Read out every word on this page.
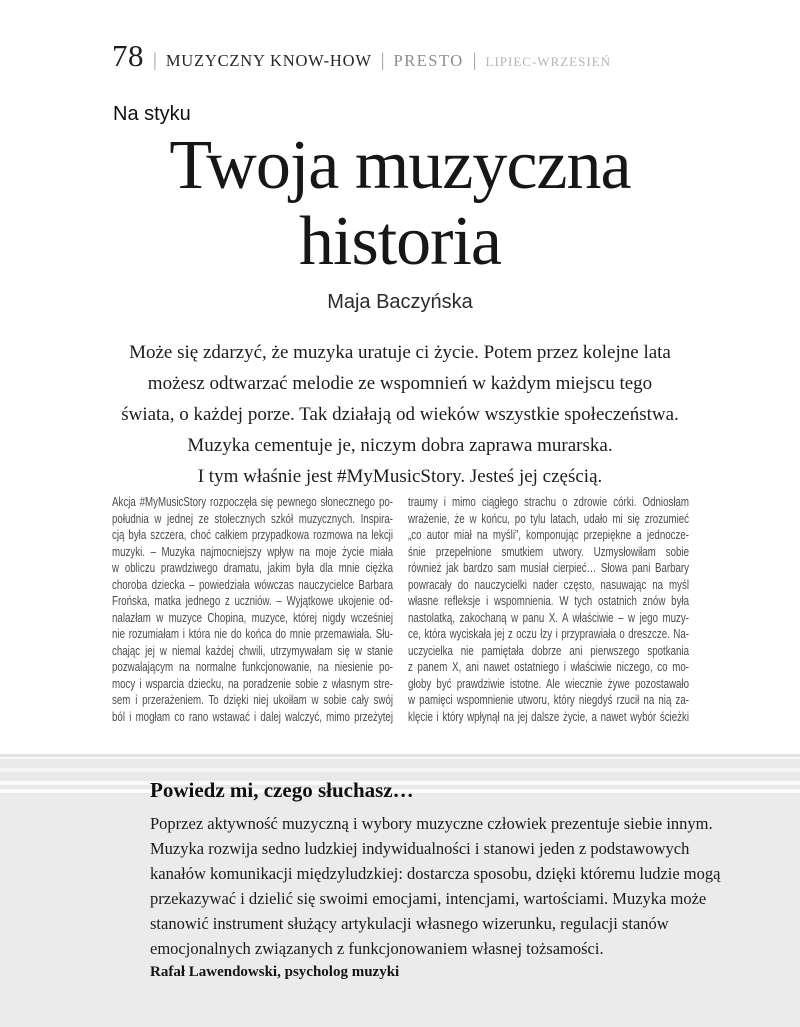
78 | MUZYCZNY KNOW-HOW | PRESTO | LIPIEC-WRZESIEŃ
Na styku
Twoja muzyczna
historia
Maja Baczyńska
Może się zdarzyć, że muzyka uratuje ci życie. Potem przez kolejne lata
możesz odtwarzać melodie ze wspomnień w każdym miejscu tego
świata, o każdej porze. Tak działają od wieków wszystkie społeczeństwa.
Muzyka cementuje je, niczym dobra zaprawa murarska.
I tym właśnie jest #MyMusicStory. Jesteś jej częścią.
Akcja #MyMusicStory rozpoczęła się pewnego słonecznego po-
południa w jednej ze stołecznych szkół muzycznych. Inspira-
cją była szczera, choć całkiem przypadkowa rozmowa na lekcji
muzyki. – Muzyka najmocniejszy wpływ na moje życie miała
w obliczu prawdziwego dramatu, jakim była dla mnie ciężka
choroba dziecka – powiedziała wówczas nauczycielce Barbara
Frońska, matka jednego z uczniów. – Wyjątkowe ukojenie od-
nalazłam w muzyce Chopina, muzyce, której nigdy wcześniej
nie rozumiałam i która nie do końca do mnie przemawiała. Słu-
chając jej w niemal każdej chwili, utrzymywałam się w stanie
pozwalającym na normalne funkcjonowanie, na niesienie po-
mocy i wsparcia dziecku, na poradzenie sobie z własnym stre-
sem i przerażeniem. To dzięki niej ukoiłam w sobie cały swój
ból i mogłam co rano wstawać i dalej walczyć, mimo przeżytej
traumy i mimo ciągłego strachu o zdrowie córki. Odniosłam
wrażenie, że w końcu, po tylu latach, udało mi się zrozumieć
„co autor miał na myśli”, komponując przepiękne a jednocze-
śnie przepełnione smutkiem utwory. Uzmysłowiłam sobie
również jak bardzo sam musiał cierpieć… Słowa pani Barbary
powracały do nauczycielki nader często, nasuwając na myśl
własne refleksje i wspomnienia. W tych ostatnich znów była
nastolatką, zakochaną w panu X. A właściwie – w jego muzy-
ce, która wyciskała jej z oczu łzy i przyprawiała o dreszcze. Na-
uczycielka nie pamiętała dobrze ani pierwszego spotkania
z panem X, ani nawet ostatniego i właściwie niczego, co mo-
głoby być prawdziwie istotne. Ale wiecznie żywe pozostawało
w pamięci wspomnienie utworu, który niegdyś rzucił na nią za-
klęcie i który wpłynął na jej dalsze życie, a nawet wybór ścieżki
Powiedz mi, czego słuchasz…
Poprzez aktywność muzyczną i wybory muzyczne człowiek prezentuje siebie innym.
Muzyka rozwija sedno ludzkiej indywidualności i stanowi jeden z podstawowych
kanałów komunikacji międzyludzkiej: dostarcza sposobu, dzięki któremu ludzie mogą
przekazywać i dzielić się swoimi emocjami, intencjami, wartościami. Muzyka może
stanowić instrument służący artykulacji własnego wizerunku, regulacji stanów
emocjonalnych związanych z funkcjonowaniem własnej tożsamości.
Rafał Lawendowski, psycholog muzyki
